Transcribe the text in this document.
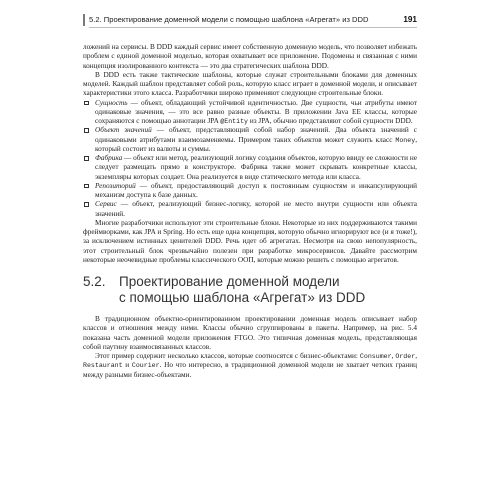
5.2. Проектирование доменной модели с помощью шаблона «Агрегат» из DDD	191

ложений на сервисы. В DDD каждый сервис имеет собственную доменную модель, что позволяет избежать проблем с единой доменной моделью, которая охватывает все приложение. Подомены и связанная с ними концепция изолированного контекста — это два стратегических шаблона DDD.

В DDD есть также тактические шаблоны, которые служат строительными блоками для доменных моделей. Каждый шаблон представляет собой роль, которую класс играет в доменной модели, и описывает характеристики этого класса. Разработчики широко применяют следующие строительные блоки.

Сущность — объект, обладающий устойчивой идентичностью. Две сущности, чьи атрибуты имеют одинаковые значения, — это все равно разные объекты. В приложении Java EE классы, которые сохраняются с помощью аннотации JPA @Entity из JPA, обычно представляют собой сущности DDD.
Объект значений — объект, представляющий собой набор значений. Два объекта значений с одинаковыми атрибутами взаимозаменяемы. Примером таких объектов может служить класс Money, который состоит из валюты и суммы.
Фабрика — объект или метод, реализующий логику создания объектов, которую ввиду ее сложности не следует размещать прямо в конструкторе. Фабрика также может скрывать конкретные классы, экземпляры которых создает. Она реализуется в виде статического метода или класса.
Репозиторий — объект, предоставляющий доступ к постоянным сущностям и инкапсулирующий механизм доступа к базе данных.
Сервис — объект, реализующий бизнес-логику, которой не место внутри сущности или объекта значений.

Многие разработчики используют эти строительные блоки. Некоторые из них поддерживаются такими фреймворками, как JPA и Spring. Но есть еще одна концепция, которую обычно игнорируют все (и я тоже!), за исключением истинных ценителей DDD. Речь идет об агрегатах. Несмотря на свою непопулярность, этот строительный блок чрезвычайно полезен при разработке микросервисов. Давайте рассмотрим некоторые неочевидные проблемы классического ООП, которые можно решить с помощью агрегатов.

5.2. Проектирование доменной модели
с помощью шаблона «Агрегат» из DDD

В традиционном объектно-ориентированном проектировании доменная модель описывает набор классов и отношения между ними. Классы обычно сгруппированы в пакеты. Например, на рис. 5.4 показана часть доменной модели приложения FTGO. Это типичная доменная модель, представляющая собой паутину взаимосвязанных классов.

Этот пример содержит несколько классов, которые соотносятся с бизнес-объектами: Consumer, Order, Restaurant и Courier. Но что интересно, в традиционной доменной модели не хватает четких границ между разными бизнес-объектами.
